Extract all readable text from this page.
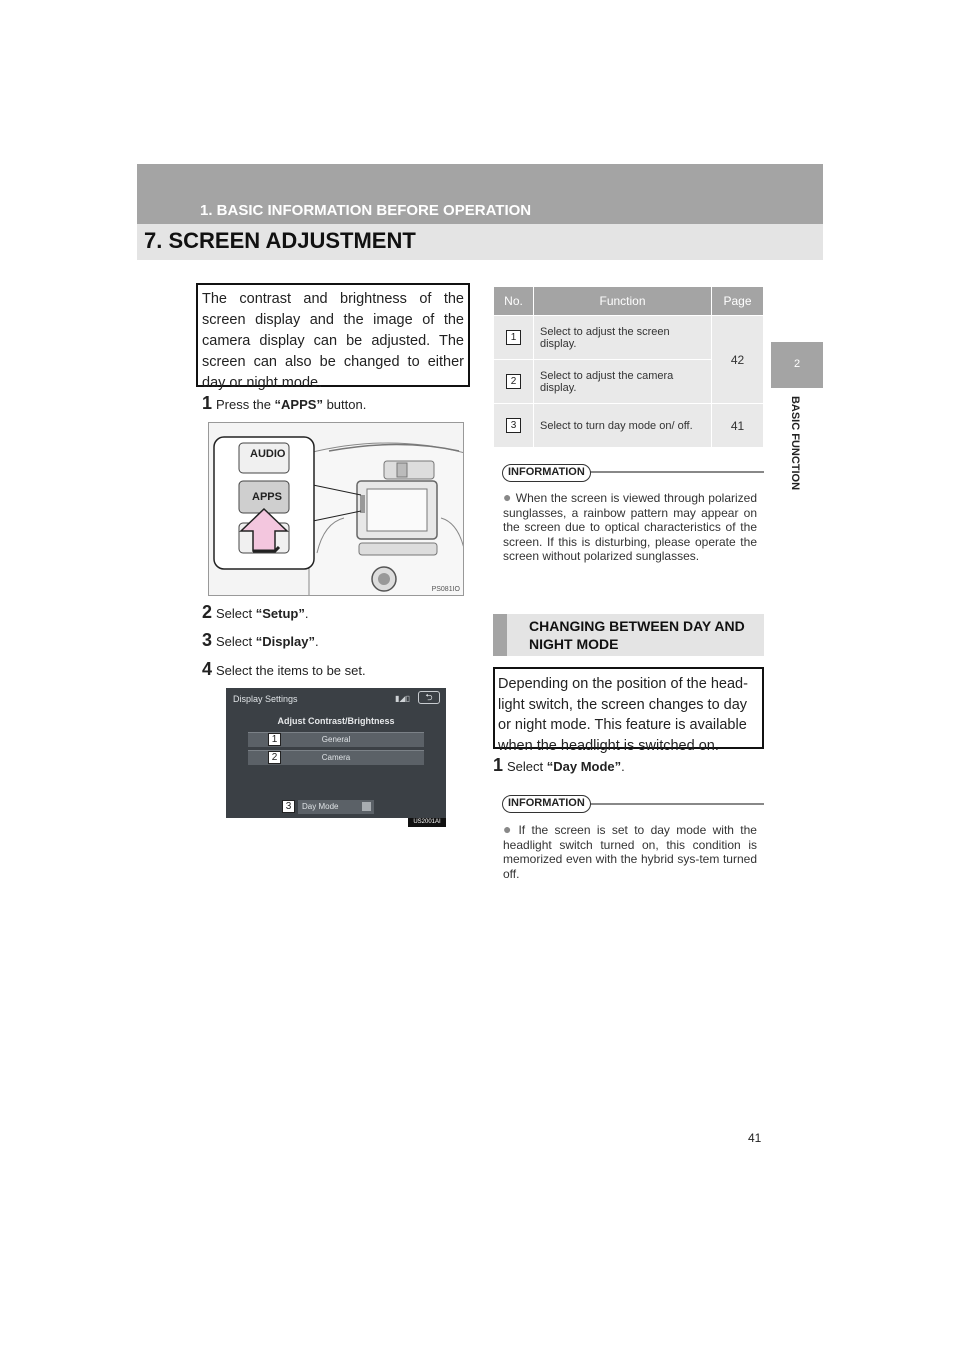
1. BASIC INFORMATION BEFORE OPERATION
7. SCREEN ADJUSTMENT
2
BASIC FUNCTION
The contrast and brightness of the screen display and the image of the camera display can be adjusted. The screen can also be changed to either day or night mode.
1 Press the “APPS” button.
AUDIO
APPS
PS081IO
2 Select “Setup”.
3 Select “Display”.
4 Select the items to be set.
Display Settings	▮◢▯	⮌
Adjust Contrast/Brightness
General
Camera
Day Mode
1
2
3
US2001AI
No.	Function	Page
1	Select to adjust the screen display.	42
2	Select to adjust the camera display.	
3	Select to turn day mode on/ off.	41
INFORMATION
● When the screen is viewed through polarized sunglasses, a rainbow pattern may appear on the screen due to optical characteristics of the screen. If this is disturbing, please operate the screen without polarized sunglasses.
CHANGING BETWEEN DAY AND NIGHT MODE
Depending on the position of the head-light switch, the screen changes to day or night mode. This feature is available when the headlight is switched on.
1 Select “Day Mode”.
INFORMATION
● If the screen is set to day mode with the headlight switch turned on, this condition is memorized even with the hybrid sys-tem turned off.
41
